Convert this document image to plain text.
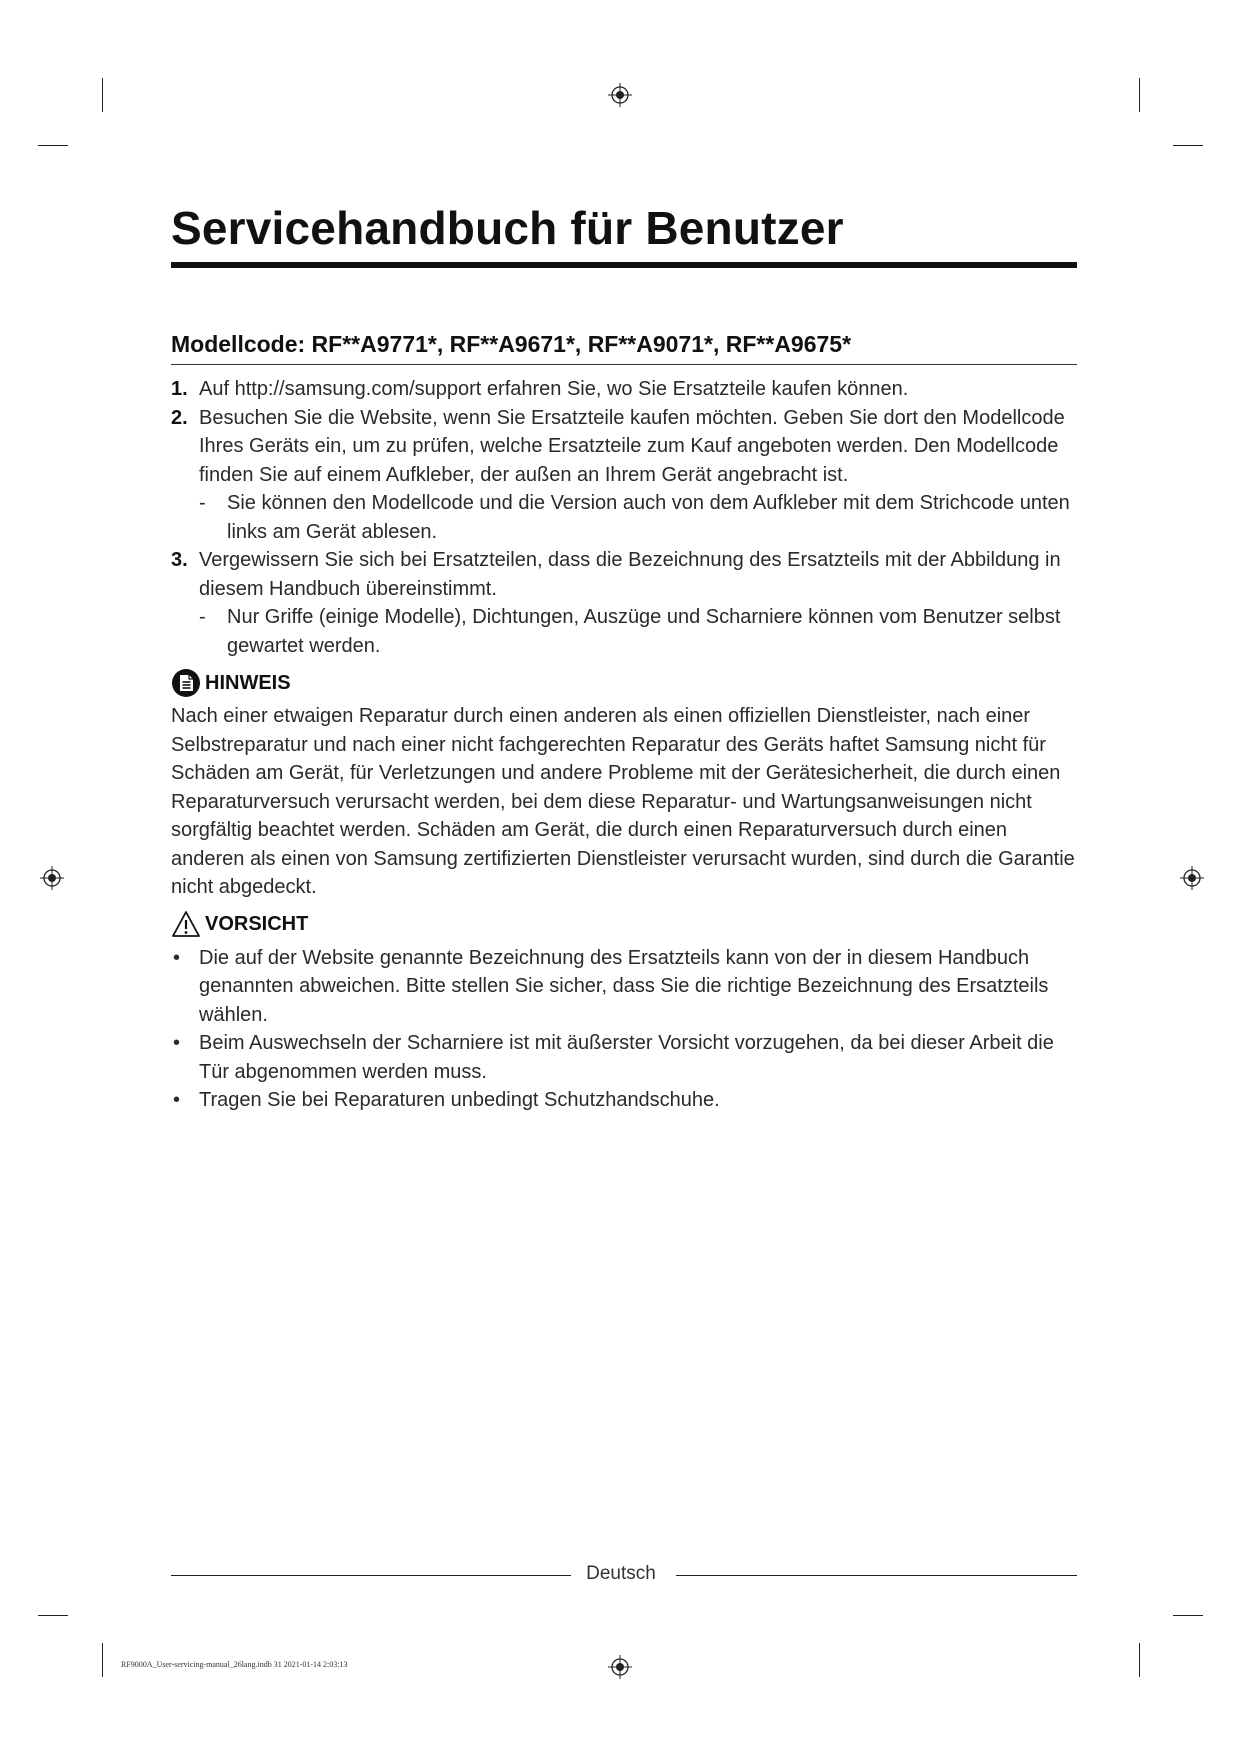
Servicehandbuch für Benutzer
Modellcode: RF**A9771*, RF**A9671*, RF**A9071*, RF**A9675*
1. Auf http://samsung.com/support erfahren Sie, wo Sie Ersatzteile kaufen können.
2. Besuchen Sie die Website, wenn Sie Ersatzteile kaufen möchten. Geben Sie dort den Modellcode Ihres Geräts ein, um zu prüfen, welche Ersatzteile zum Kauf angeboten werden. Den Modellcode finden Sie auf einem Aufkleber, der außen an Ihrem Gerät angebracht ist.
- Sie können den Modellcode und die Version auch von dem Aufkleber mit dem Strichcode unten links am Gerät ablesen.
3. Vergewissern Sie sich bei Ersatzteilen, dass die Bezeichnung des Ersatzteils mit der Abbildung in diesem Handbuch übereinstimmt.
- Nur Griffe (einige Modelle), Dichtungen, Auszüge und Scharniere können vom Benutzer selbst gewartet werden.
HINWEIS
Nach einer etwaigen Reparatur durch einen anderen als einen offiziellen Dienstleister, nach einer Selbstreparatur und nach einer nicht fachgerechten Reparatur des Geräts haftet Samsung nicht für Schäden am Gerät, für Verletzungen und andere Probleme mit der Gerätesicherheit, die durch einen Reparaturversuch verursacht werden, bei dem diese Reparatur- und Wartungsanweisungen nicht sorgfältig beachtet werden. Schäden am Gerät, die durch einen Reparaturversuch durch einen anderen als einen von Samsung zertifizierten Dienstleister verursacht wurden, sind durch die Garantie nicht abgedeckt.
VORSICHT
• Die auf der Website genannte Bezeichnung des Ersatzteils kann von der in diesem Handbuch genannten abweichen. Bitte stellen Sie sicher, dass Sie die richtige Bezeichnung des Ersatzteils wählen.
• Beim Auswechseln der Scharniere ist mit äußerster Vorsicht vorzugehen, da bei dieser Arbeit die Tür abgenommen werden muss.
• Tragen Sie bei Reparaturen unbedingt Schutzhandschuhe.
Deutsch
RF9000A_User-servicing-manual_26lang.indb 31 2021-01-14 2:03:13
